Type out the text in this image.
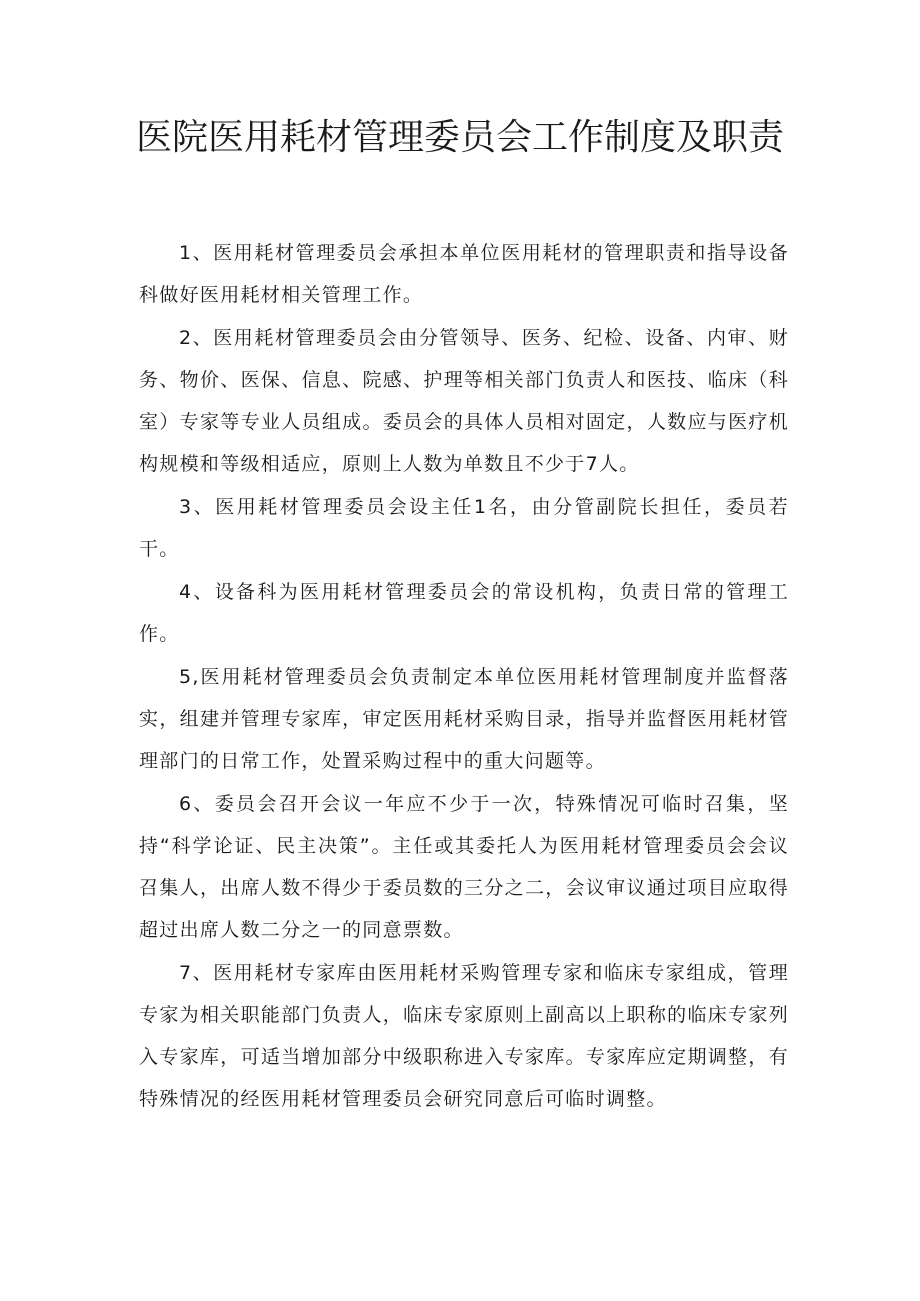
医院医用耗材管理委员会工作制度及职责

1、医用耗材管理委员会承担本单位医用耗材的管理职责和指导设备科做好医用耗材相关管理工作。

2、医用耗材管理委员会由分管领导、医务、纪检、设备、内审、财务、物价、医保、信息、院感、护理等相关部门负责人和医技、临床（科室）专家等专业人员组成。委员会的具体人员相对固定，人数应与医疗机构规模和等级相适应，原则上人数为单数且不少于7人。

3、医用耗材管理委员会设主任1名，由分管副院长担任，委员若干。

4、设备科为医用耗材管理委员会的常设机构，负责日常的管理工作。

5,医用耗材管理委员会负责制定本单位医用耗材管理制度并监督落实，组建并管理专家库，审定医用耗材采购目录，指导并监督医用耗材管理部门的日常工作，处置采购过程中的重大问题等。

6、委员会召开会议一年应不少于一次，特殊情况可临时召集，坚持“科学论证、民主决策”。主任或其委托人为医用耗材管理委员会会议召集人，出席人数不得少于委员数的三分之二，会议审议通过项目应取得超过出席人数二分之一的同意票数。

7、医用耗材专家库由医用耗材采购管理专家和临床专家组成，管理专家为相关职能部门负责人，临床专家原则上副高以上职称的临床专家列入专家库，可适当增加部分中级职称进入专家库。专家库应定期调整，有特殊情况的经医用耗材管理委员会研究同意后可临时调整。
